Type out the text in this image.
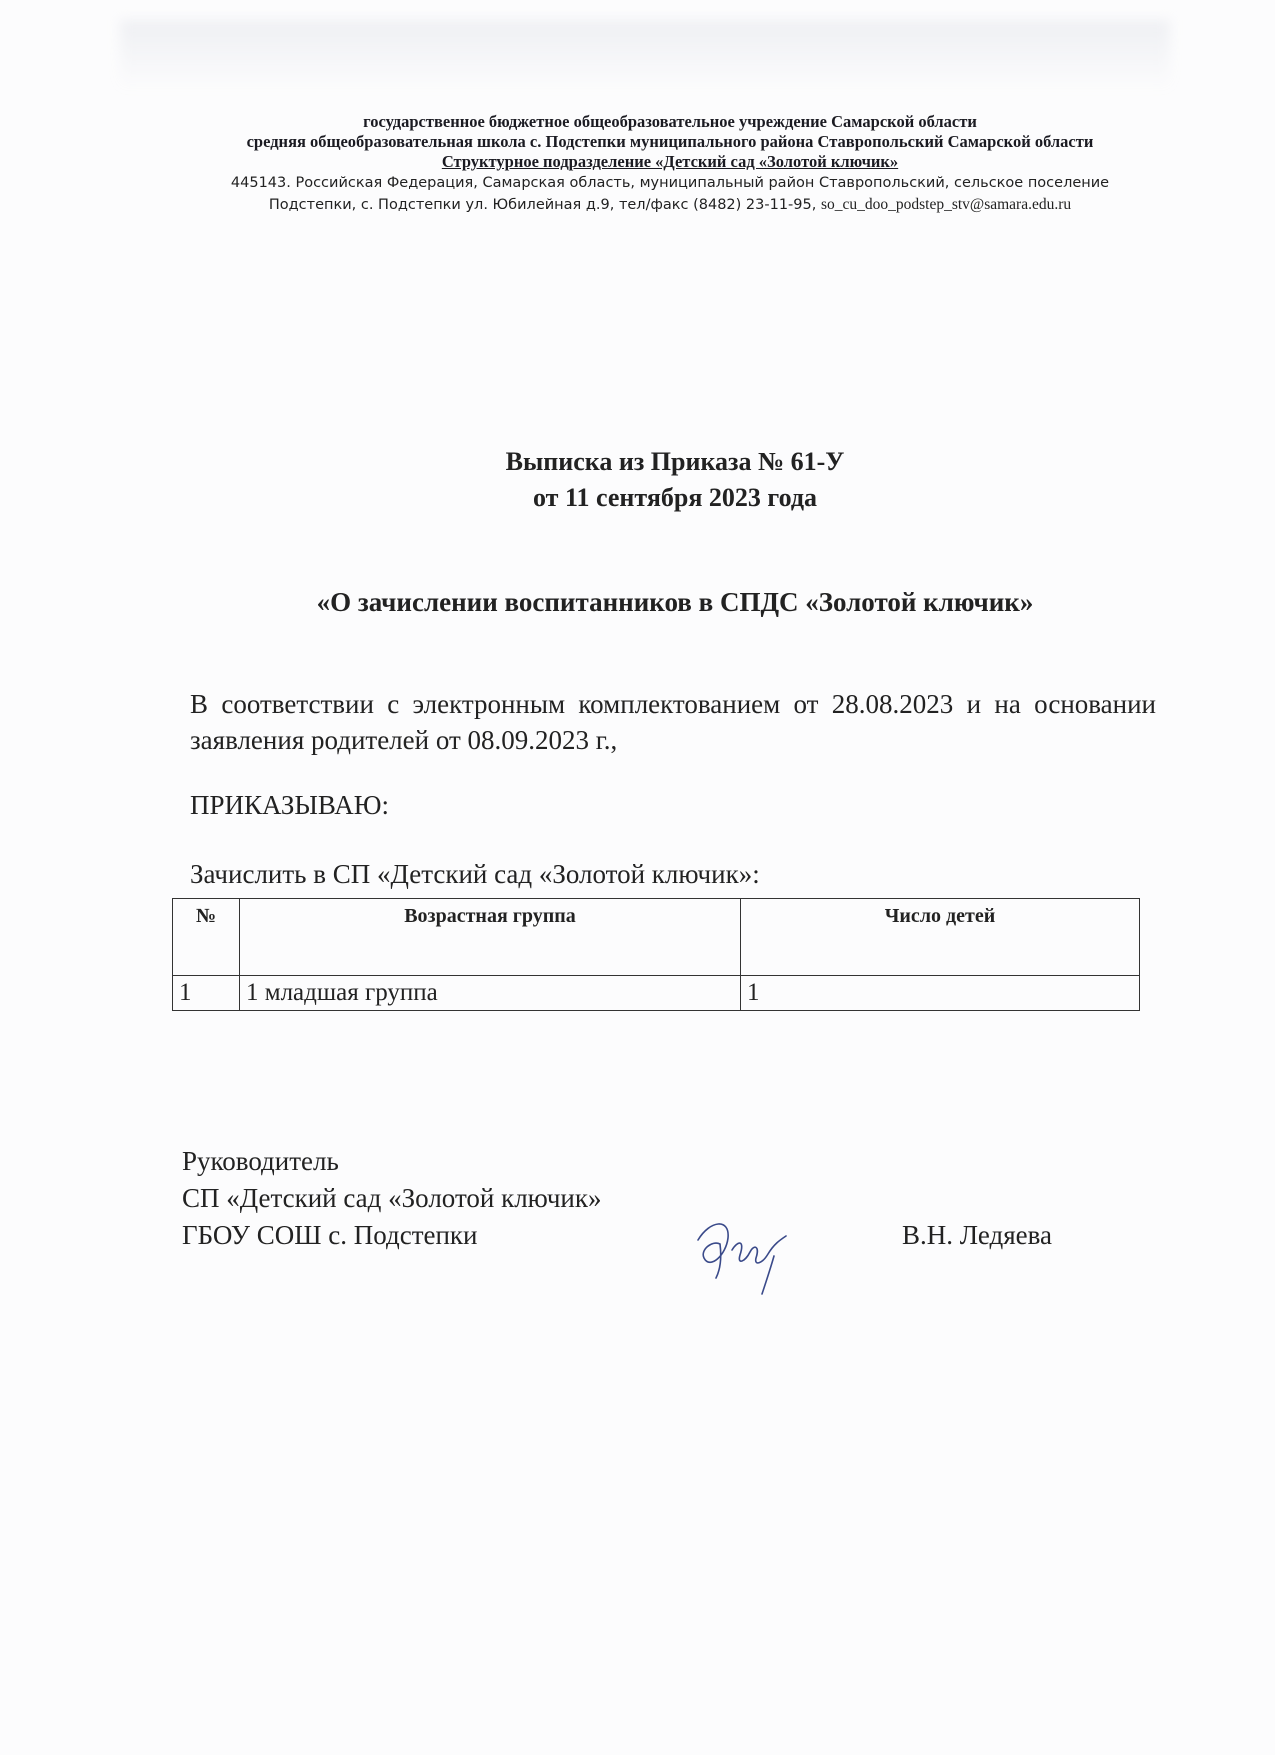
государственное бюджетное общеобразовательное учреждение Самарской области
средняя общеобразовательная школа с. Подстепки муниципального района Ставропольский Самарской области
Структурное подразделение «Детский сад «Золотой ключик»
445143. Российская Федерация, Самарская область, муниципальный район Ставропольский, сельское поселение
Подстепки, с. Подстепки ул. Юбилейная д.9, тел/факс (8482) 23-11-95, so_cu_doo_podstep_stv@samara.edu.ru
Выписка из Приказа № 61-У
от 11 сентября 2023 года
«О зачислении воспитанников в СПДС «Золотой ключик»
В соответствии с электронным комплектованием от 28.08.2023 и на основании заявления родителей от 08.09.2023 г.,
ПРИКАЗЫВАЮ:
Зачислить в СП «Детский сад «Золотой ключик»:
№	Возрастная группа	Число детей
1	1 младшая группа	1
Руководитель
СП «Детский сад «Золотой ключик»
ГБОУ СОШ с. Подстепки	В.Н. Ледяева
